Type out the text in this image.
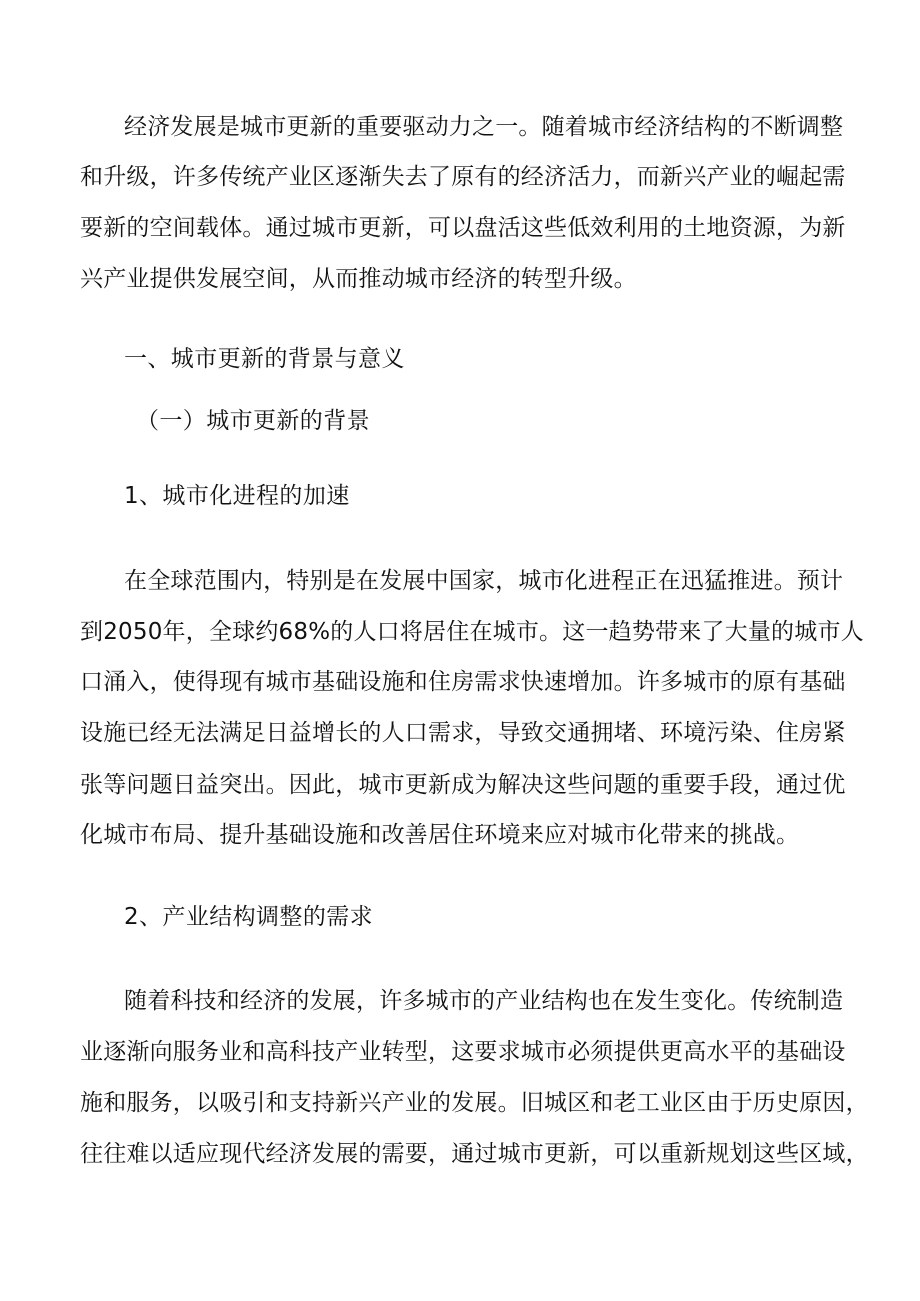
经济发展是城市更新的重要驱动力之一。随着城市经济结构的不断调整
和升级，许多传统产业区逐渐失去了原有的经济活力，而新兴产业的崛起需
要新的空间载体。通过城市更新，可以盘活这些低效利用的土地资源，为新
兴产业提供发展空间，从而推动城市经济的转型升级。
一、城市更新的背景与意义
（一）城市更新的背景
1、城市化进程的加速
在全球范围内，特别是在发展中国家，城市化进程正在迅猛推进。预计
到2050年，全球约68%的人口将居住在城市。这一趋势带来了大量的城市人
口涌入，使得现有城市基础设施和住房需求快速增加。许多城市的原有基础
设施已经无法满足日益增长的人口需求，导致交通拥堵、环境污染、住房紧
张等问题日益突出。因此，城市更新成为解决这些问题的重要手段，通过优
化城市布局、提升基础设施和改善居住环境来应对城市化带来的挑战。
2、产业结构调整的需求
随着科技和经济的发展，许多城市的产业结构也在发生变化。传统制造
业逐渐向服务业和高科技产业转型，这要求城市必须提供更高水平的基础设
施和服务，以吸引和支持新兴产业的发展。旧城区和老工业区由于历史原因，
往往难以适应现代经济发展的需要，通过城市更新，可以重新规划这些区域，
